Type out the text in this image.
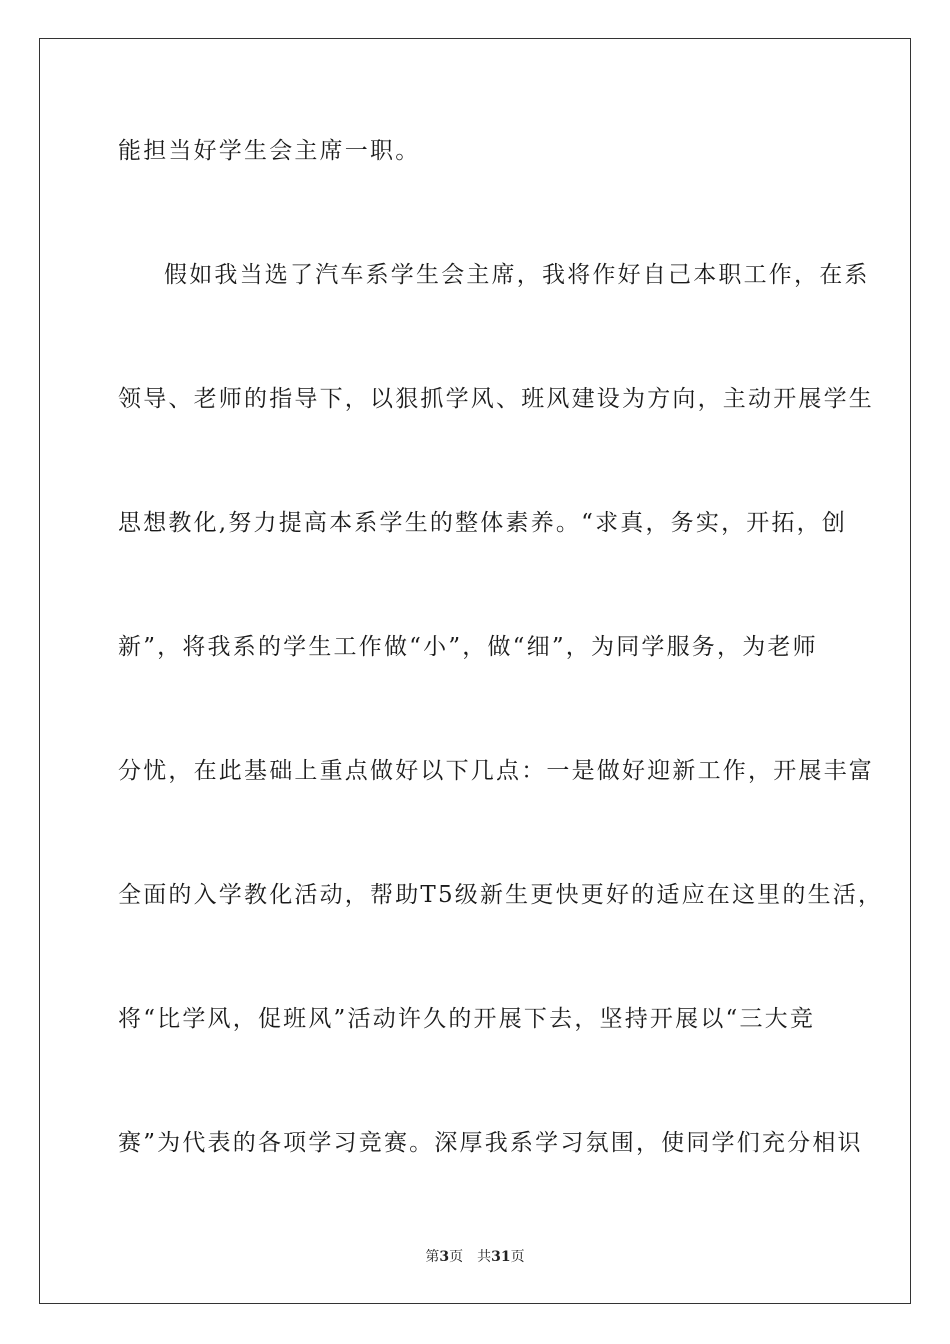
能担当好学生会主席一职。
假如我当选了汽车系学生会主席，我将作好自己本职工作，在系
领导、老师的指导下，以狠抓学风、班风建设为方向，主动开展学生
思想教化,努力提高本系学生的整体素养。“求真，务实，开拓，创
新”，将我系的学生工作做“小”，做“细”，为同学服务，为老师
分忧，在此基础上重点做好以下几点：一是做好迎新工作，开展丰富
全面的入学教化活动，帮助T5级新生更快更好的适应在这里的生活，
将“比学风，促班风”活动许久的开展下去，坚持开展以“三大竞
赛”为代表的各项学习竞赛。深厚我系学习氛围，使同学们充分相识
第3页 共31页
